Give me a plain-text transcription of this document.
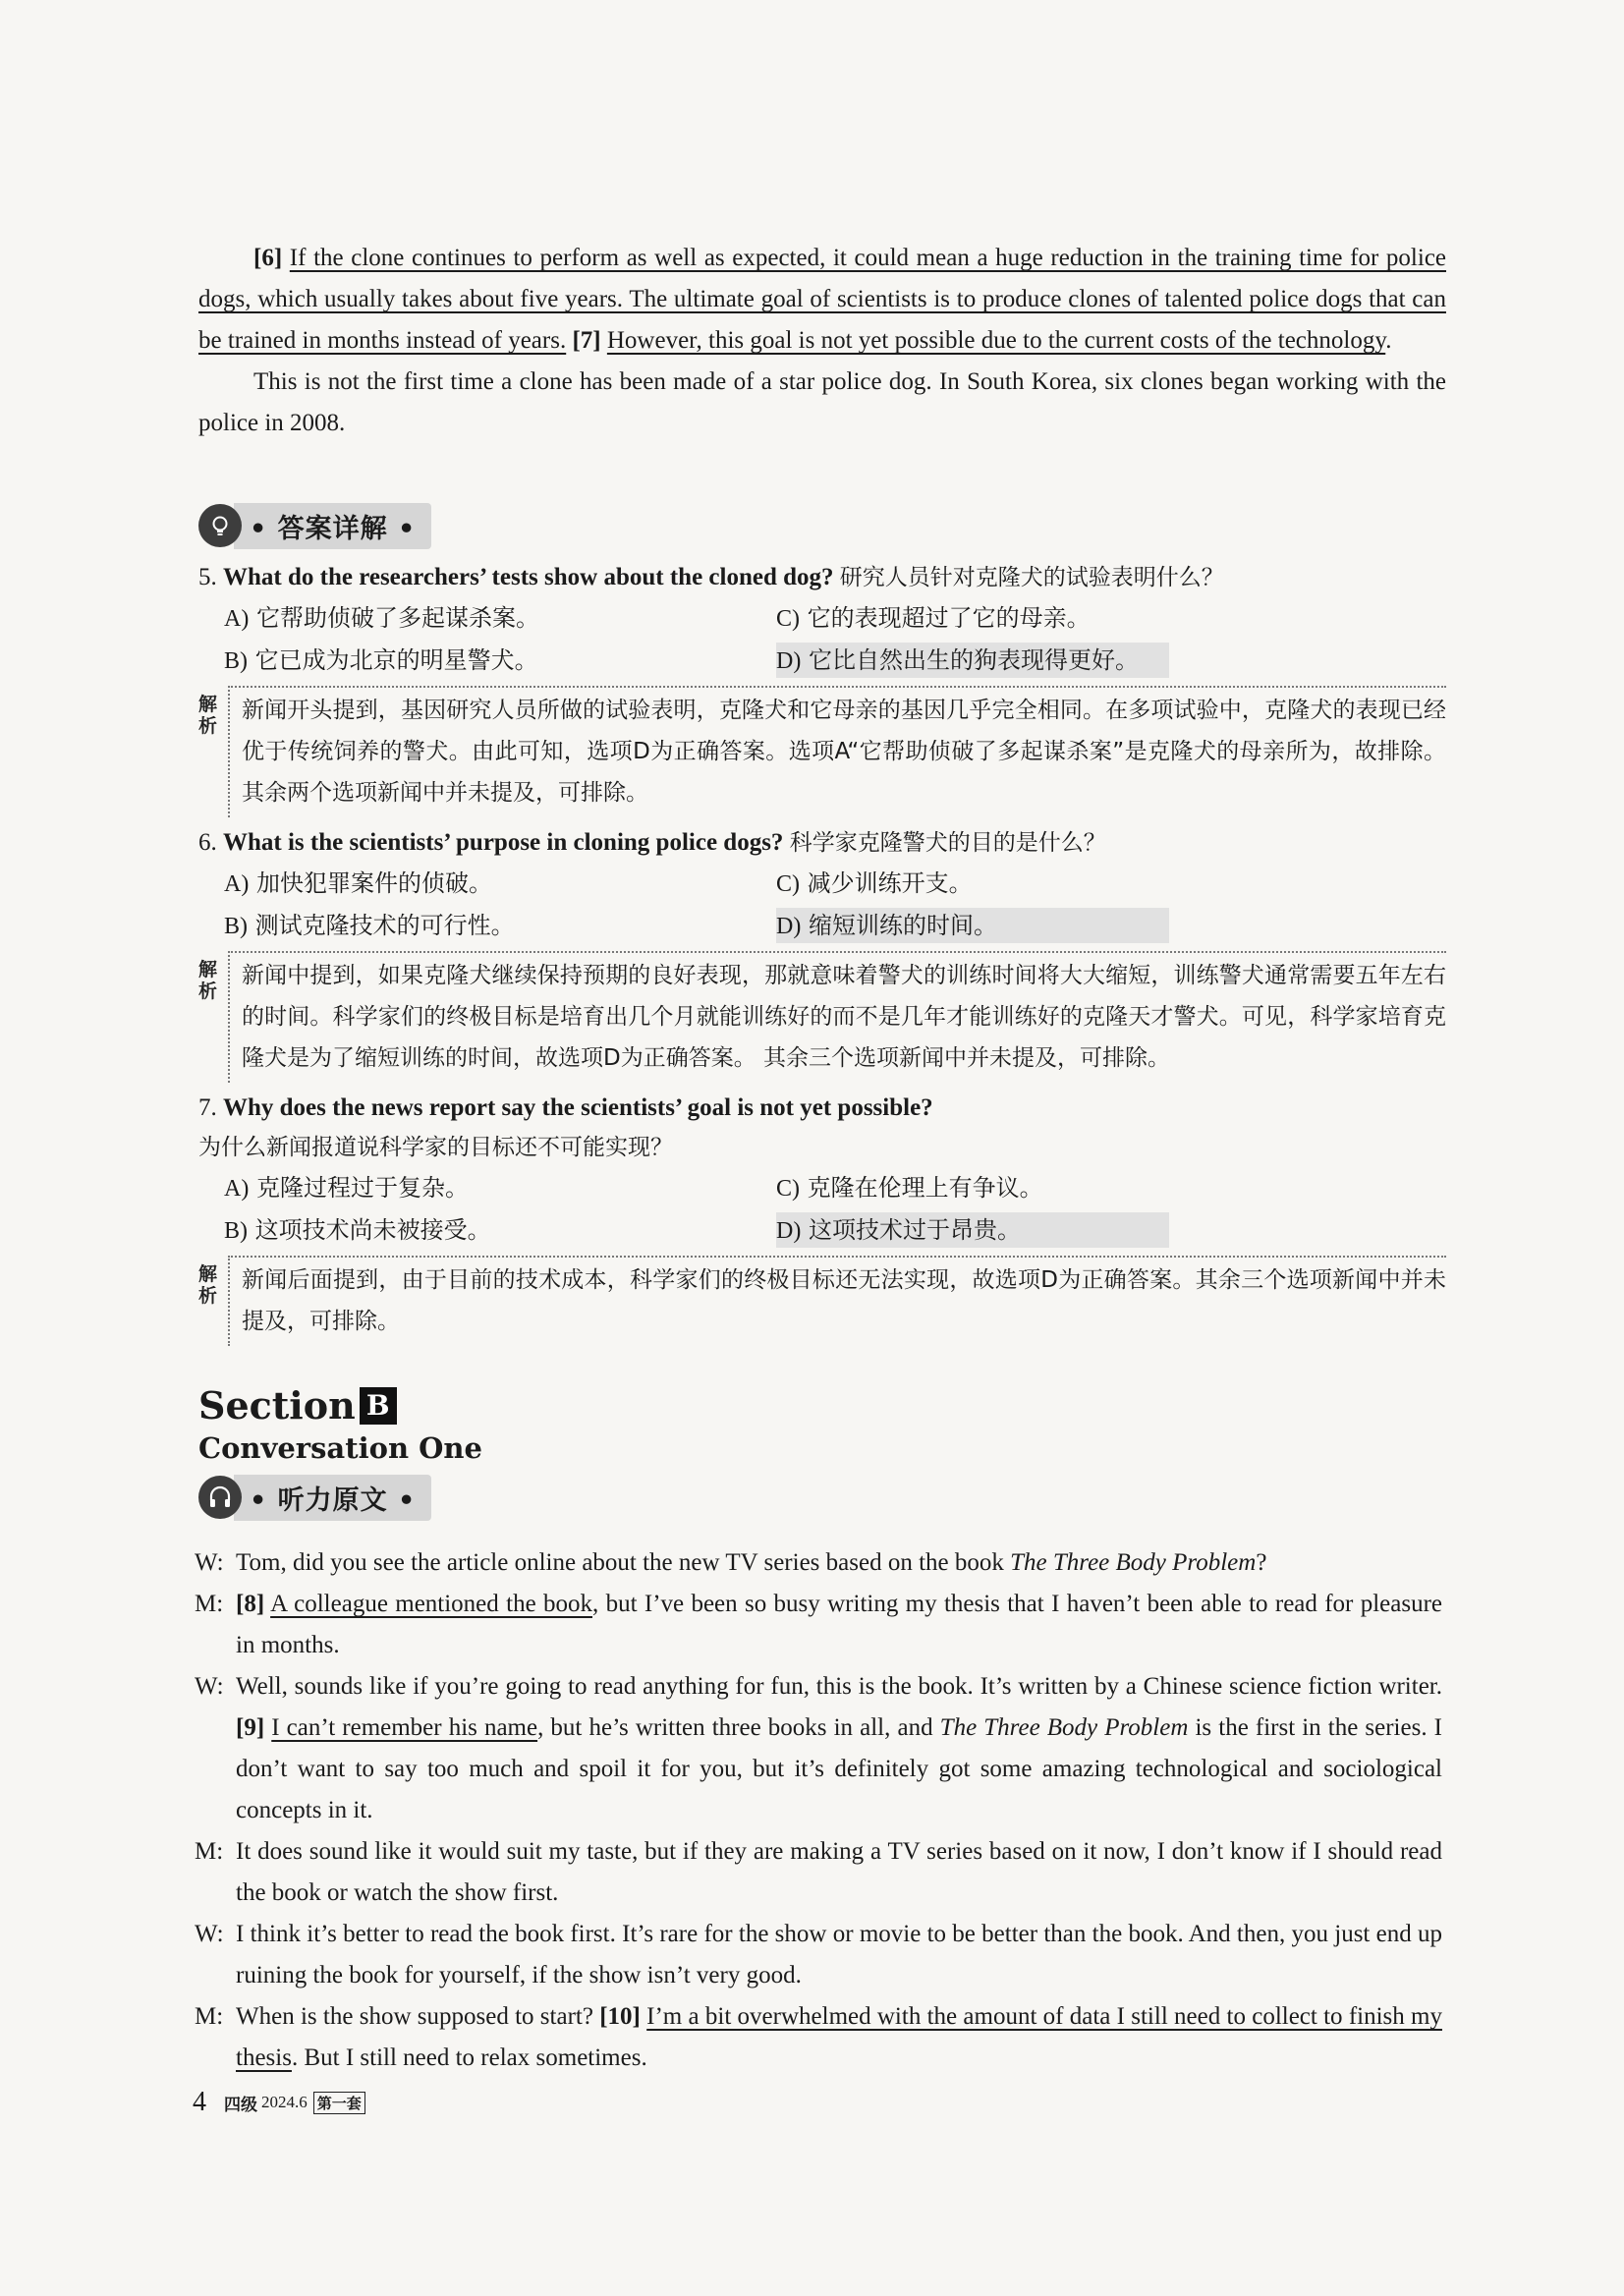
[6] If the clone continues to perform as well as expected, it could mean a huge reduction in the training time for police dogs, which usually takes about five years. The ultimate goal of scientists is to produce clones of talented police dogs that can be trained in months instead of years. [7] However, this goal is not yet possible due to the current costs of the technology.

This is not the first time a clone has been made of a star police dog. In South Korea, six clones began working with the police in 2008.

• 答案详解 •
5. What do the researchers’ tests show about the cloned dog? 研究人员针对克隆犬的试验表明什么？
A) 它帮助侦破了多起谋杀案。	C) 它的表现超过了它的母亲。
B) 它已成为北京的明星警犬。	D) 它比自然出生的狗表现得更好。
解析
新闻开头提到，基因研究人员所做的试验表明，克隆犬和它母亲的基因几乎完全相同。在多项试验中，克隆犬的表现已经优于传统饲养的警犬。由此可知，选项D为正确答案。选项A“它帮助侦破了多起谋杀案”是克隆犬的母亲所为，故排除。其余两个选项新闻中并未提及，可排除。
6. What is the scientists’ purpose in cloning police dogs? 科学家克隆警犬的目的是什么？
A) 加快犯罪案件的侦破。	C) 减少训练开支。
B) 测试克隆技术的可行性。	D) 缩短训练的时间。
解析
新闻中提到，如果克隆犬继续保持预期的良好表现，那就意味着警犬的训练时间将大大缩短，训练警犬通常需要五年左右的时间。科学家们的终极目标是培育出几个月就能训练好的而不是几年才能训练好的克隆天才警犬。可见，科学家培育克隆犬是为了缩短训练的时间，故选项D为正确答案。 其余三个选项新闻中并未提及，可排除。
7. Why does the news report say the scientists’ goal is not yet possible?
为什么新闻报道说科学家的目标还不可能实现？
A) 克隆过程过于复杂。	C) 克隆在伦理上有争议。
B) 这项技术尚未被接受。	D) 这项技术过于昂贵。
解析
新闻后面提到，由于目前的技术成本，科学家们的终极目标还无法实现，故选项D为正确答案。其余三个选项新闻中并未提及，可排除。
Section B
Conversation One
• 听力原文 •
W: Tom, did you see the article online about the new TV series based on the book The Three Body Problem?
M: [8] A colleague mentioned the book, but I’ve been so busy writing my thesis that I haven’t been able to read for pleasure in months.
W: Well, sounds like if you’re going to read anything for fun, this is the book. It’s written by a Chinese science fiction writer. [9] I can’t remember his name, but he’s written three books in all, and The Three Body Problem is the first in the series. I don’t want to say too much and spoil it for you, but it’s definitely got some amazing technological and sociological concepts in it.
M: It does sound like it would suit my taste, but if they are making a TV series based on it now, I don’t know if I should read the book or watch the show first.
W: I think it’s better to read the book first. It’s rare for the show or movie to be better than the book. And then, you just end up ruining the book for yourself, if the show isn’t very good.
M: When is the show supposed to start? [10] I’m a bit overwhelmed with the amount of data I still need to collect to finish my thesis. But I still need to relax sometimes.
4 四级 2024.6 第一套
